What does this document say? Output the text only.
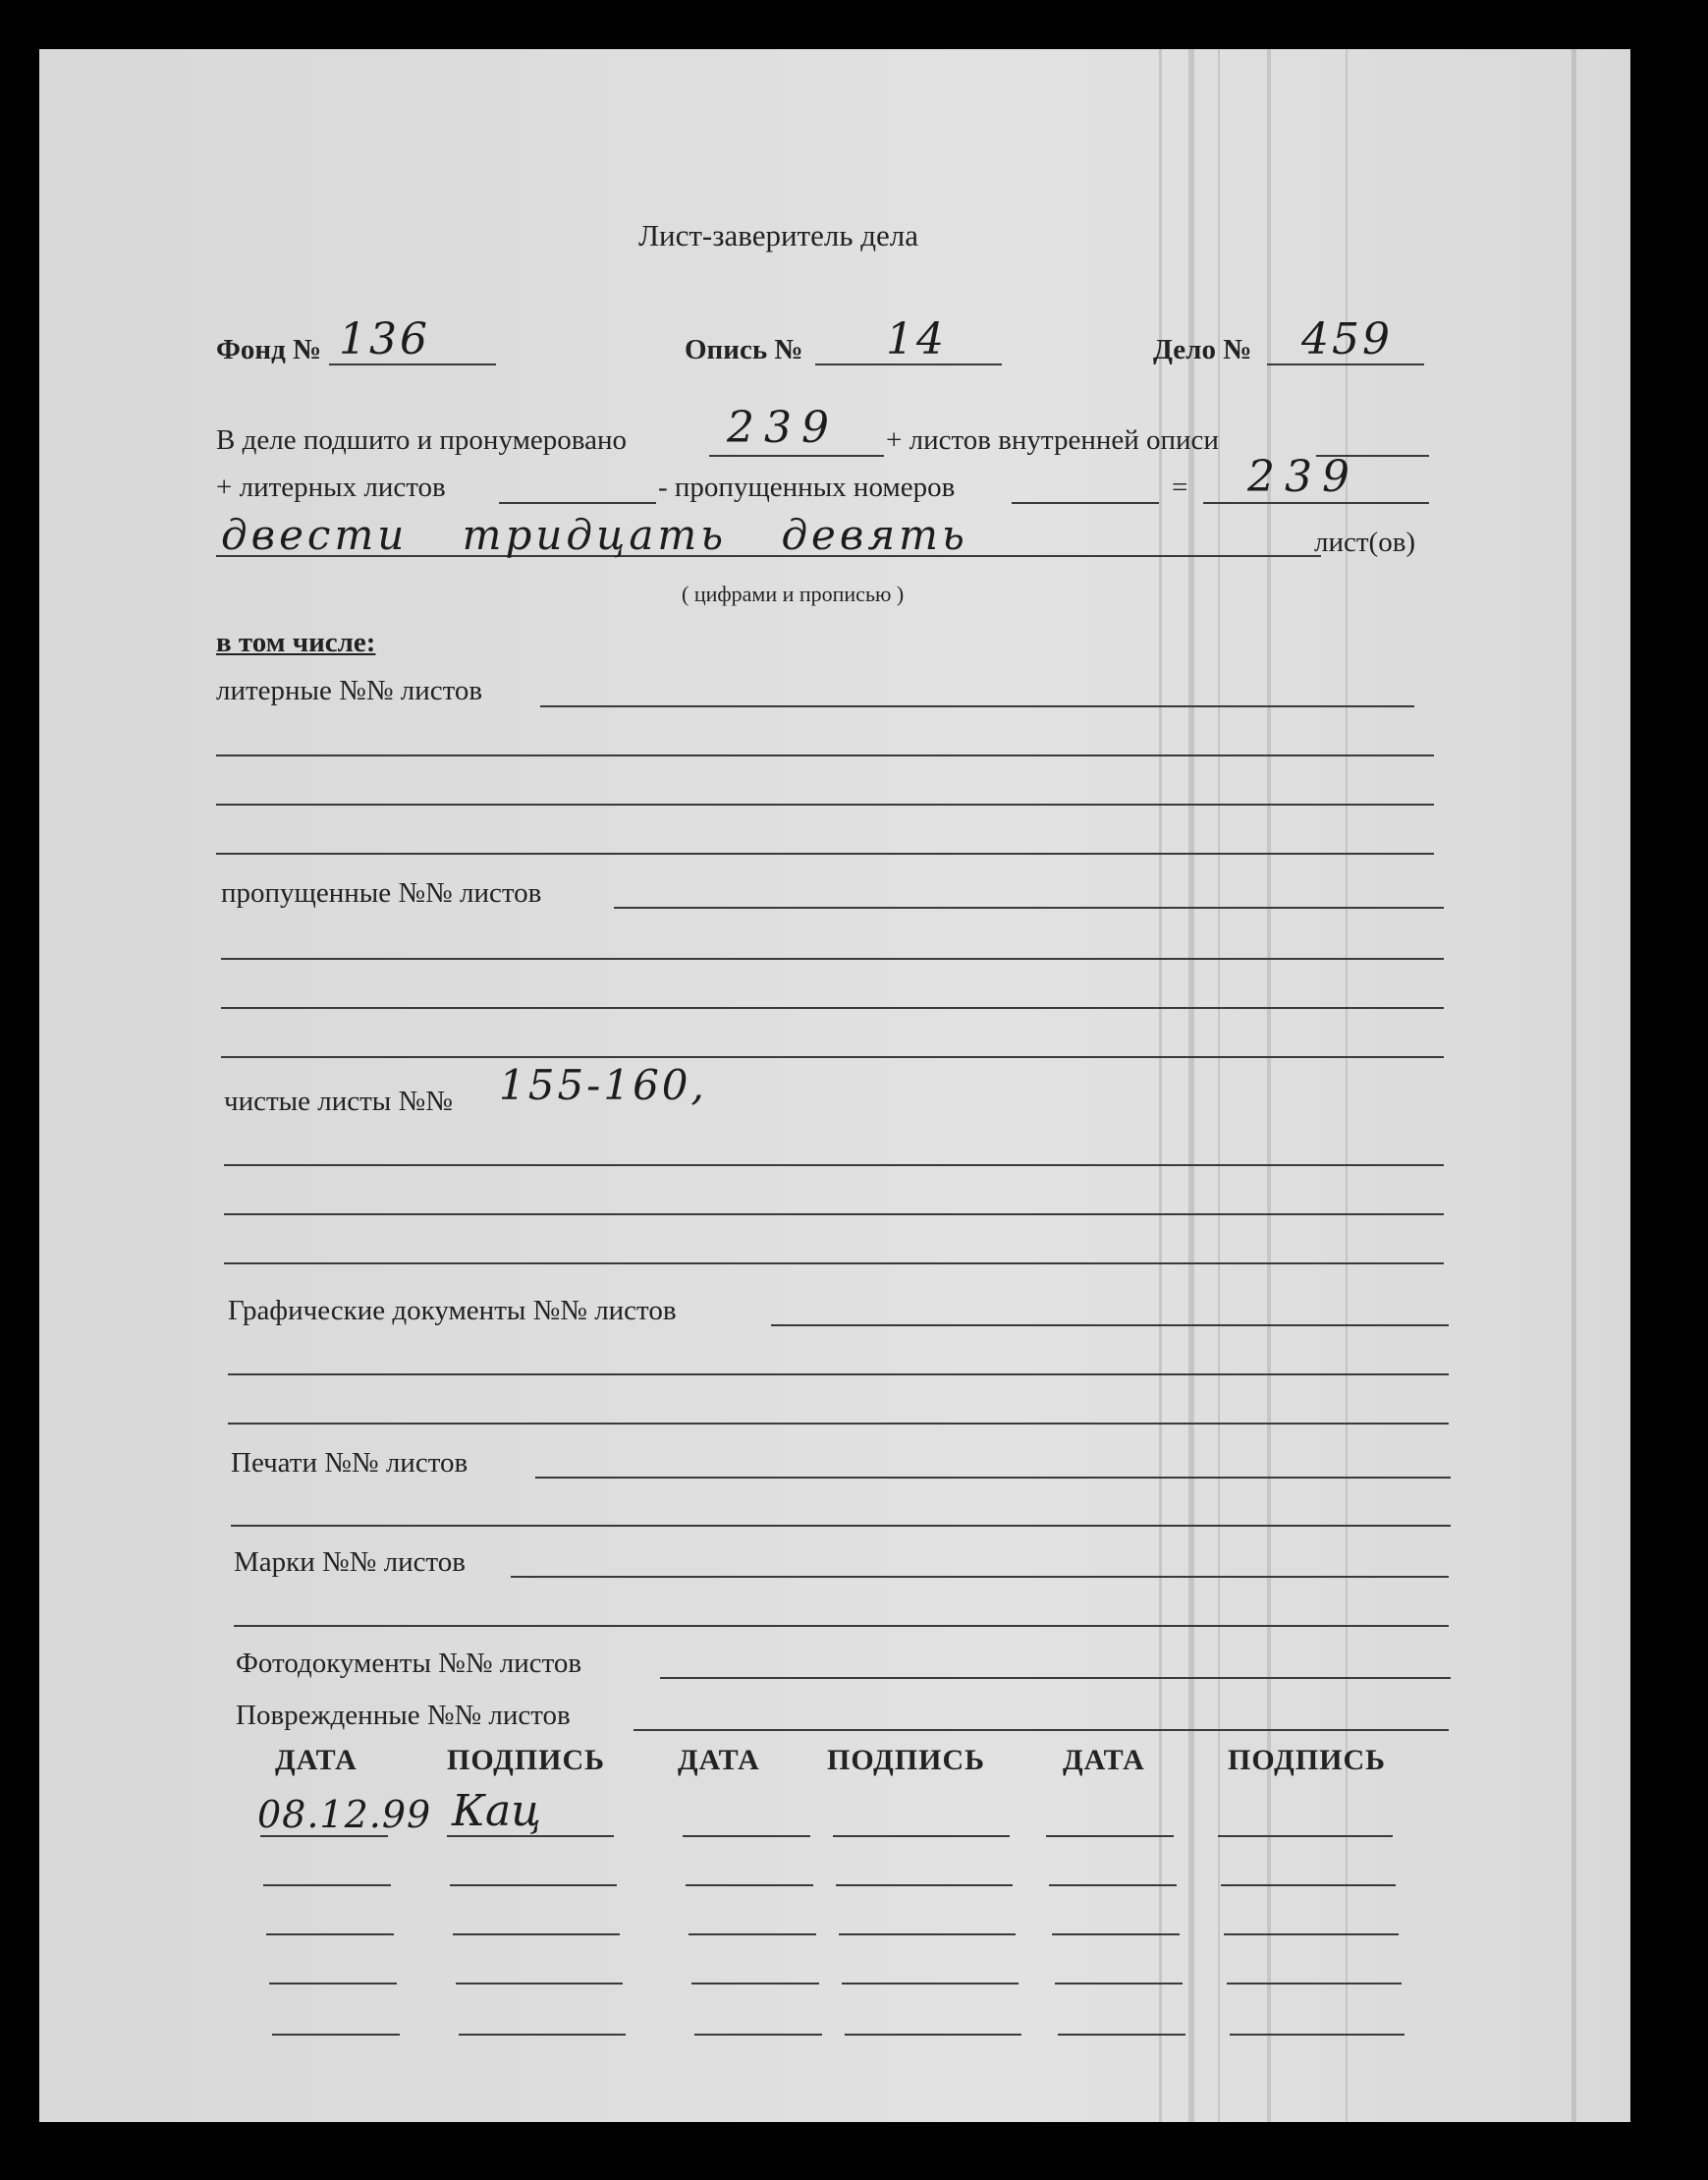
Лист-заверитель дела
Фонд № 136	Опись № 14	Дело № 459
В деле подшито и пронумеровано 239 + листов внутренней описи
+ литерных листов	- пропущенных номеров	= 239
двести тридцать девять	лист(ов)
( цифрами и прописью )
в том числе:
литерные №№ листов
пропущенные №№ листов
чистые листы №№ 155-160,
Графические документы №№ листов
Печати №№ листов
Марки №№ листов
Фотодокументы №№ листов
Поврежденные №№ листов
ДАТА	ПОДПИСЬ ДАТА ПОДПИСЬ	ДАТА	ПОДПИСЬ
08.12.99 Кац
